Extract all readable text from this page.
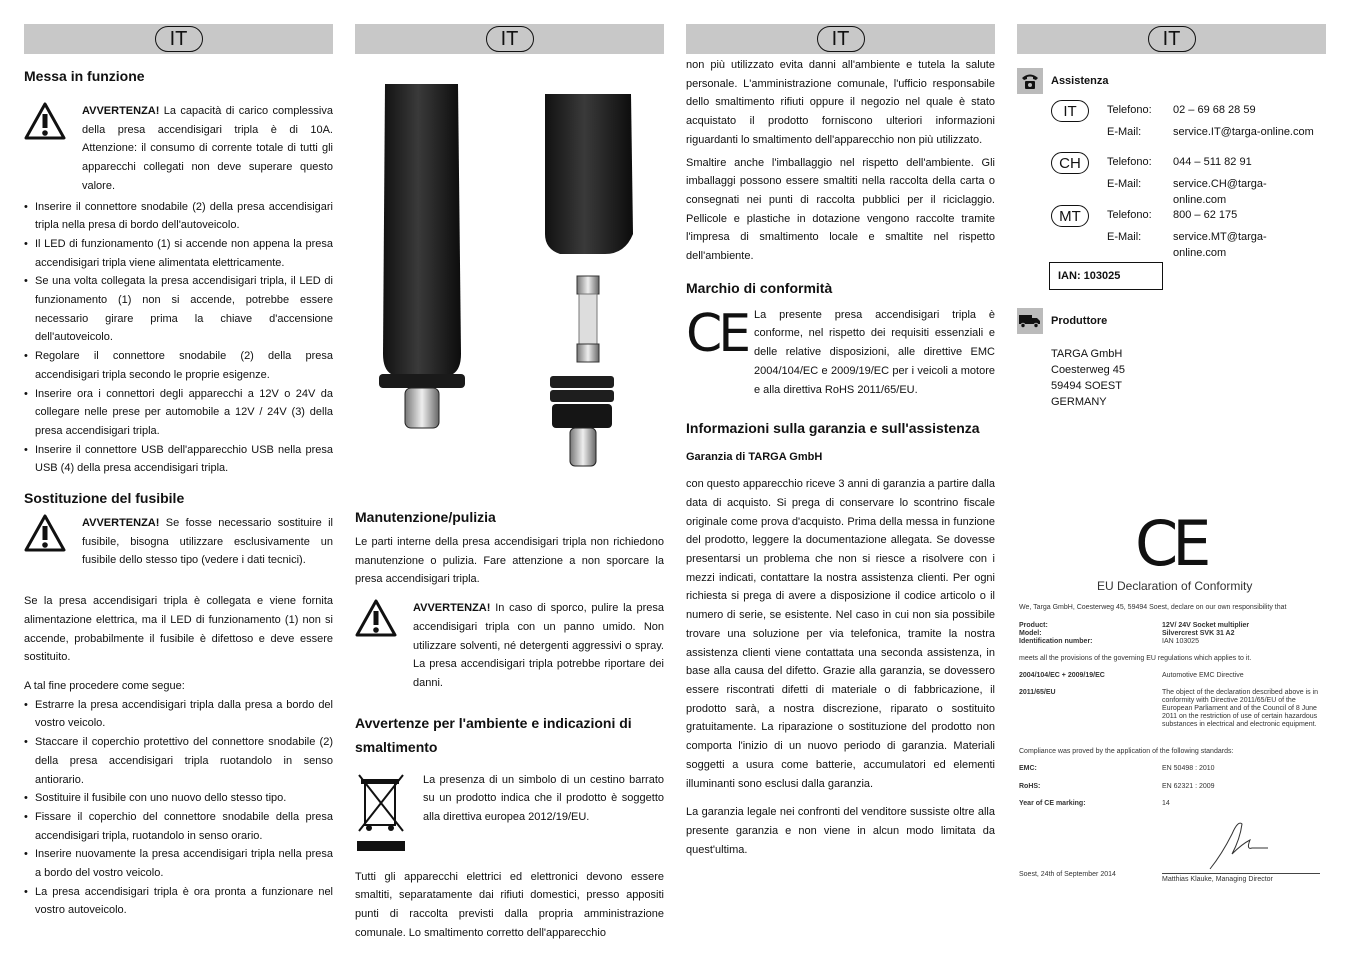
IT
Messa in funzione

AVVERTENZA! La capacità di carico complessiva della presa accendisigari tripla è di 10A. Attenzione: il consumo di corrente totale di tutti gli apparecchi collegati non deve superare questo valore.

• Inserire il connettore snodabile (2) della presa accendisigari tripla nella presa di bordo dell'autoveicolo.
• Il LED di funzionamento (1) si accende non appena la presa accendisigari tripla viene alimentata elettricamente.
• Se una volta collegata la presa accendisigari tripla, il LED di funzionamento (1) non si accende, potrebbe essere necessario girare prima la chiave d'accensione dell'autoveicolo.
• Regolare il connettore snodabile (2) della presa accendisigari tripla secondo le proprie esigenze.
• Inserire ora i connettori degli apparecchi a 12V o 24V da collegare nelle prese per automobile a 12V / 24V (3) della presa accendisigari tripla.
• Inserire il connettore USB dell'apparecchio USB nella presa USB (4) della presa accendisigari tripla.
Sostituzione del fusibile

AVVERTENZA! Se fosse necessario sostituire il fusibile, bisogna utilizzare esclusivamente un fusibile dello stesso tipo (vedere i dati tecnici).

Se la presa accendisigari tripla è collegata e viene fornita alimentazione elettrica, ma il LED di funzionamento (1) non si accende, probabilmente il fusibile è difettoso e deve essere sostituito.

A tal fine procedere come segue:

• Estrarre la presa accendisigari tripla dalla presa a bordo del vostro veicolo.
• Staccare il coperchio protettivo del connettore snodabile (2) della presa accendisigari tripla ruotandolo in senso antiorario.
• Sostituire il fusibile con uno nuovo dello stesso tipo.
• Fissare il coperchio del connettore snodabile della presa accendisigari tripla, ruotandolo in senso orario.
• Inserire nuovamente la presa accendisigari tripla nella presa a bordo del vostro veicolo.
• La presa accendisigari tripla è ora pronta a funzionare nel vostro autoveicolo.
IT
Manutenzione/pulizia

Le parti interne della presa accendisigari tripla non richiedono manutenzione o pulizia. Fare attenzione a non sporcare la presa accendisigari tripla.

AVVERTENZA! In caso di sporco, pulire la presa accendisigari tripla con un panno umido. Non utilizzare solventi, né detergenti aggressivi o spray. La presa accendisigari tripla potrebbe riportare dei danni.

Avvertenze per l'ambiente e indicazioni di smaltimento

La presenza di un simbolo di un cestino barrato su un prodotto indica che il prodotto è soggetto alla direttiva europea 2012/19/EU.

Tutti gli apparecchi elettrici ed elettronici devono essere smaltiti, separatamente dai rifiuti domestici, presso appositi punti di raccolta previsti dalla propria amministrazione comunale. Lo smaltimento corretto dell'apparecchio

IT

non più utilizzato evita danni all'ambiente e tutela la salute personale. L'amministrazione comunale, l'ufficio responsabile dello smaltimento rifiuti oppure il negozio nel quale è stato acquistato il prodotto forniscono ulteriori informazioni riguardanti lo smaltimento dell'apparecchio non più utilizzato.

Smaltire anche l'imballaggio nel rispetto dell'ambiente. Gli imballaggi possono essere smaltiti nella raccolta della carta o consegnati nei punti di raccolta pubblici per il riciclaggio. Pellicole e plastiche in dotazione vengono raccolte tramite l'impresa di smaltimento locale e smaltite nel rispetto dell'ambiente.

Marchio di conformità
CE La presente presa accendisigari tripla è conforme, nel rispetto dei requisiti essenziali e delle relative disposizioni, alle direttive EMC 2004/104/EC e 2009/19/EC per i veicoli a motore e alla direttiva RoHS 2011/65/EU.

Informazioni sulla garanzia e sull'assistenza
Garanzia di TARGA GmbH

con questo apparecchio riceve 3 anni di garanzia a partire dalla data di acquisto. Si prega di conservare lo scontrino fiscale originale come prova d'acquisto. Prima della messa in funzione del prodotto, leggere la documentazione allegata. Se dovesse presentarsi un problema che non si riesce a risolvere con i mezzi indicati, contattare la nostra assistenza clienti. Per ogni richiesta si prega di avere a disposizione il codice articolo o il numero di serie, se esistente. Nel caso in cui non sia possibile trovare una soluzione per via telefonica, tramite la nostra assistenza clienti viene contattata una seconda assistenza, in base alla causa del difetto. Grazie alla garanzia, se dovessero essere riscontrati difetti di materiale o di fabbricazione, il prodotto sarà, a nostra discrezione, riparato o sostituito gratuitamente. La riparazione o sostituzione del prodotto non comporta l'inizio di un nuovo periodo di garanzia. Materiali soggetti a usura come batterie, accumulatori ed elementi illuminanti sono esclusi dalla garanzia.

La garanzia legale nei confronti del venditore sussiste oltre alla presente garanzia e non viene in alcun modo limitata da quest'ultima.

IT
Assistenza
IT	Telefono: 02 – 69 68 28 59
E-Mail:	service.IT@targa-online.com
CH	Telefono: 044 – 511 82 91
E-Mail:	service.CH@targa-online.com
MT	Telefono: 800 – 62 175
E-Mail:	service.MT@targa-online.com
IAN: 103025
Produttore
TARGA GmbH
Coesterweg 45
59494 SOEST
GERMANY
CE
EU Declaration of Conformity
We, Targa GmbH, Coesterweg 45, 59494 Soest, declare on our own responsibility that
Product:	12V/ 24V Socket multiplier
Model:	Silvercrest SVK 31 A2
Identification number:	IAN 103025
meets all the provisions of the governing EU regulations which applies to it.
2004/104/EC + 2009/19/EC	Automotive EMC Directive
2011/65/EU	The object of the declaration described above is in conformity with Directive 2011/65/EU of the European Parliament and of the Council of 8 June 2011 on the restriction of use of certain hazardous substances in electrical and electronic equipment.
Compliance was proved by the application of the following standards:
EMC:	EN 50498 : 2010
RoHS:	EN 62321 : 2009
Year of CE marking:	14
Soest, 24th of September 2014
Matthias Klauke, Managing Director
